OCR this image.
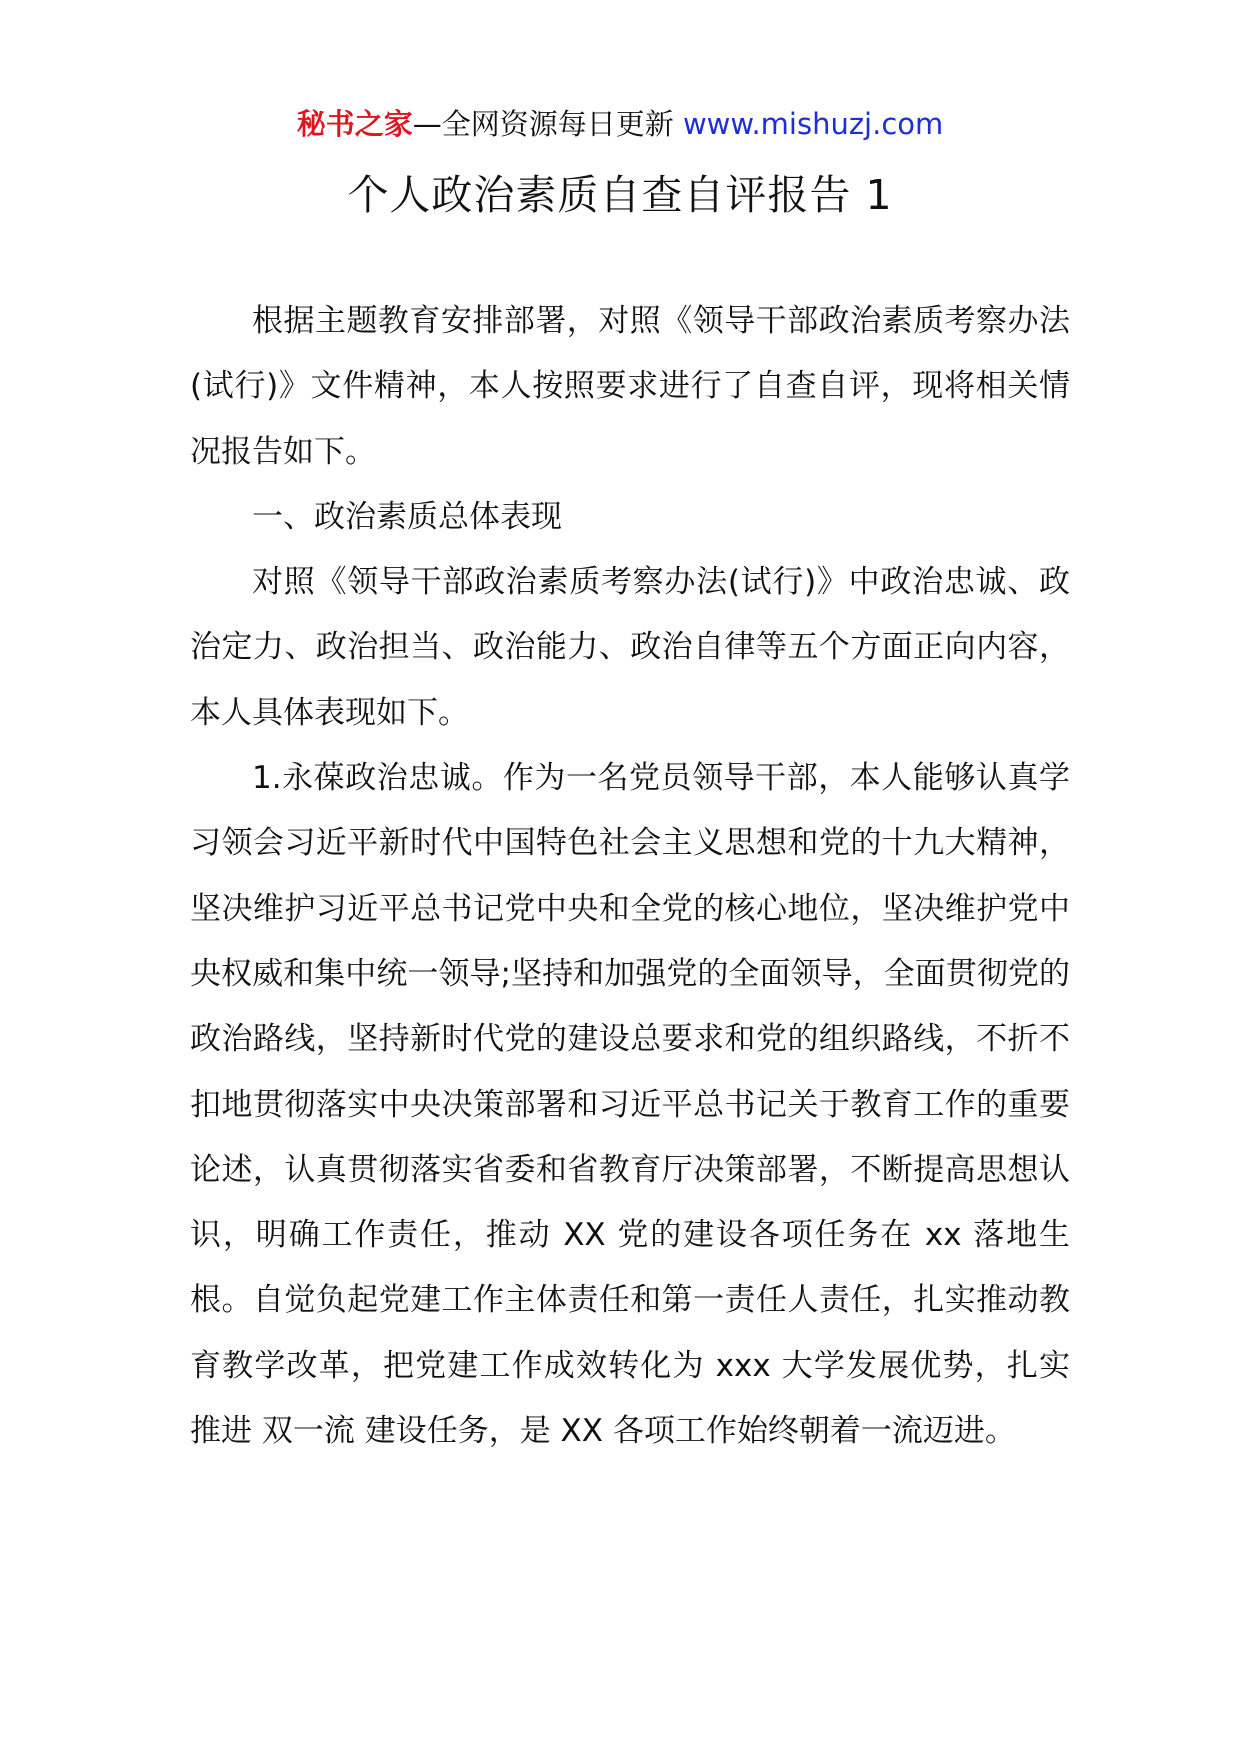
秘书之家—全网资源每日更新 www.mishuzj.com
个人政治素质自查自评报告 1

根据主题教育安排部署，对照《领导干部政治素质考察办法(试行)》文件精神，本人按照要求进行了自查自评，现将相关情况报告如下。

一、政治素质总体表现

对照《领导干部政治素质考察办法(试行)》中政治忠诚、政治定力、政治担当、政治能力、政治自律等五个方面正向内容，本人具体表现如下。

1.永葆政治忠诚。作为一名党员领导干部，本人能够认真学习领会习近平新时代中国特色社会主义思想和党的十九大精神，坚决维护习近平总书记党中央和全党的核心地位，坚决维护党中央权威和集中统一领导;坚持和加强党的全面领导，全面贯彻党的政治路线，坚持新时代党的建设总要求和党的组织路线，不折不扣地贯彻落实中央决策部署和习近平总书记关于教育工作的重要论述，认真贯彻落实省委和省教育厅决策部署，不断提高思想认识，明确工作责任，推动 XX 党的建设各项任务在 xx 落地生根。自觉负起党建工作主体责任和第一责任人责任，扎实推动教育教学改革，把党建工作成效转化为 xxx 大学发展优势，扎实推进 双一流 建设任务，是 XX 各项工作始终朝着一流迈进。
